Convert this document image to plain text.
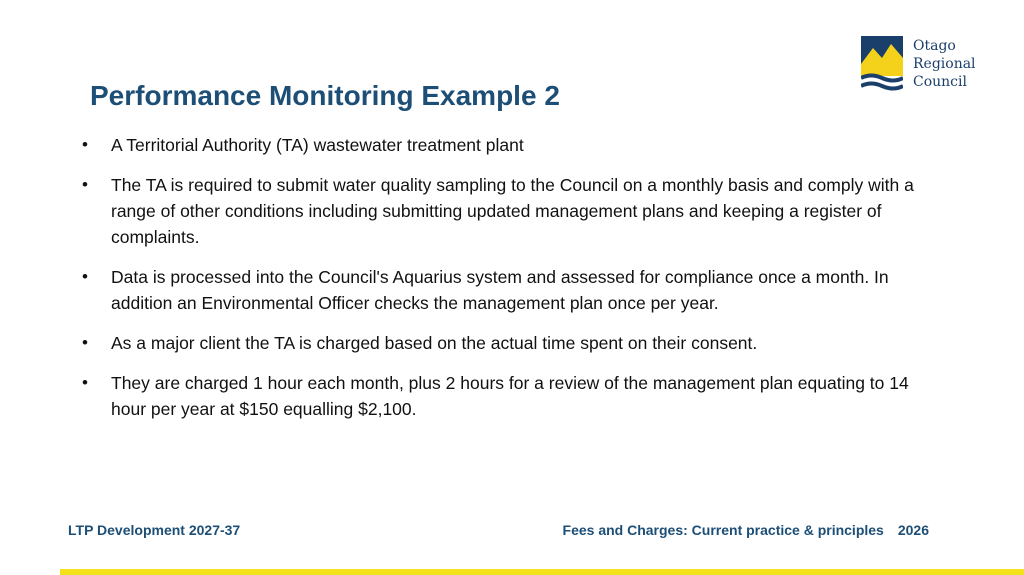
Otago
Regional
Council
Performance Monitoring Example 2
• A Territorial Authority (TA) wastewater treatment plant
• The TA is required to submit water quality sampling to the Council on a monthly basis and comply with a range of other conditions including submitting updated management plans and keeping a register of complaints.
• Data is processed into the Council's Aquarius system and assessed for compliance once a month. In addition an Environmental Officer checks the management plan once per year.
• As a major client the TA is charged based on the actual time spent on their consent.
• They are charged 1 hour each month, plus 2 hours for a review of the management plan equating to 14 hour per year at $150 equalling $2,100.
LTP Development 2027-37	Fees and Charges: Current practice & principles 2026
